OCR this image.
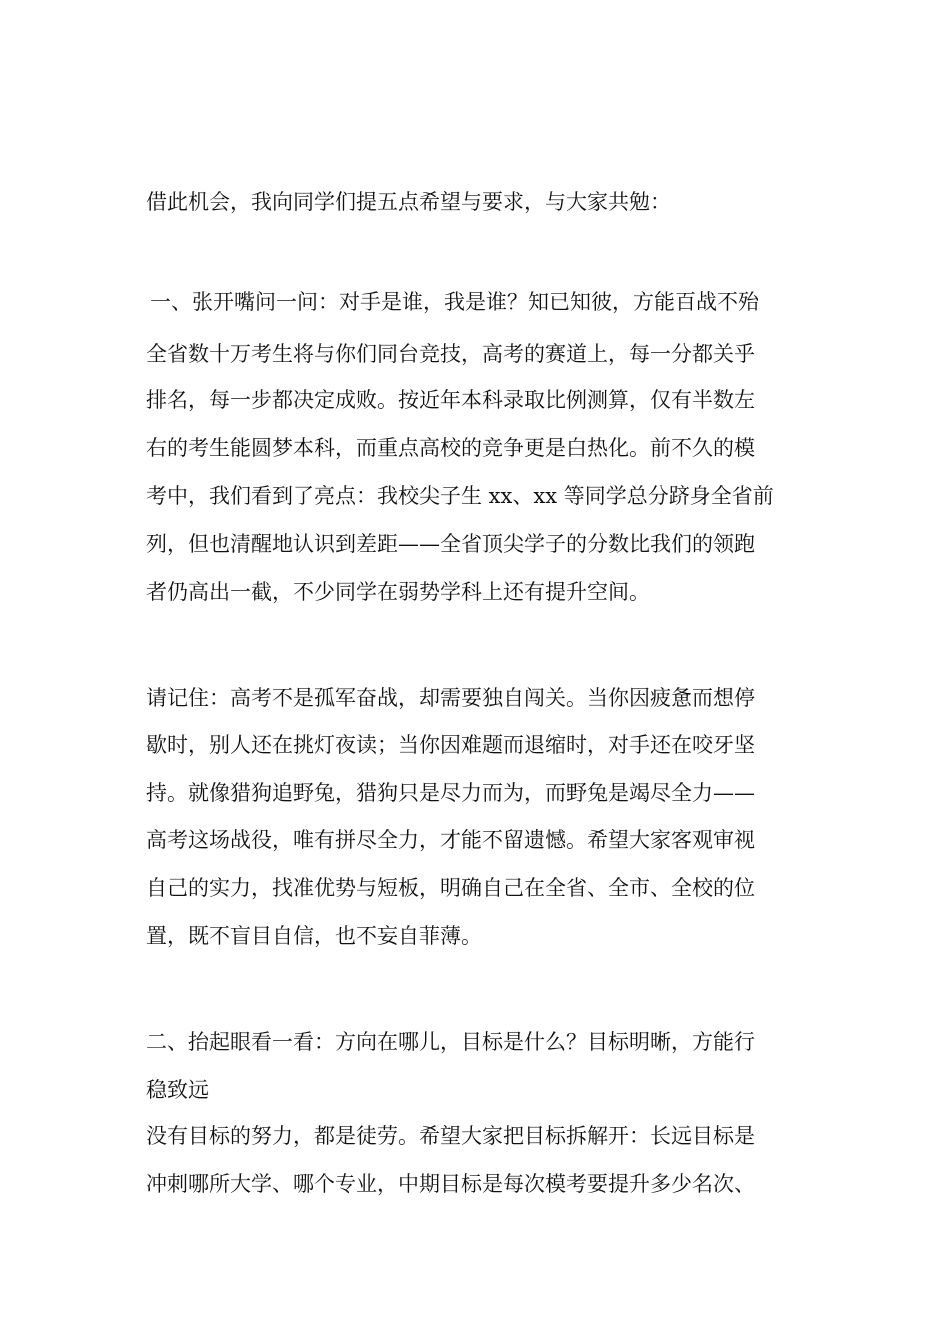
借此机会，我向同学们提五点希望与要求，与大家共勉：

一、张开嘴问一问：对手是谁，我是谁？知已知彼，方能百战不殆

全省数十万考生将与你们同台竞技，高考的赛道上，每一分都关乎

排名，每一步都决定成败。按近年本科录取比例测算，仅有半数左

右的考生能圆梦本科，而重点高校的竞争更是白热化。前不久的模

考中，我们看到了亮点：我校尖子生 xx、xx 等同学总分跻身全省前

列，但也清醒地认识到差距——全省顶尖学子的分数比我们的领跑

者仍高出一截，不少同学在弱势学科上还有提升空间。

请记住：高考不是孤军奋战，却需要独自闯关。当你因疲惫而想停

歇时，别人还在挑灯夜读；当你因难题而退缩时，对手还在咬牙坚

持。就像猎狗追野兔，猎狗只是尽力而为，而野兔是竭尽全力——

高考这场战役，唯有拼尽全力，才能不留遗憾。希望大家客观审视

自己的实力，找准优势与短板，明确自己在全省、全市、全校的位

置，既不盲目自信，也不妄自菲薄。

二、抬起眼看一看：方向在哪儿，目标是什么？目标明晰，方能行

稳致远

没有目标的努力，都是徒劳。希望大家把目标拆解开：长远目标是

冲刺哪所大学、哪个专业，中期目标是每次模考要提升多少名次、
